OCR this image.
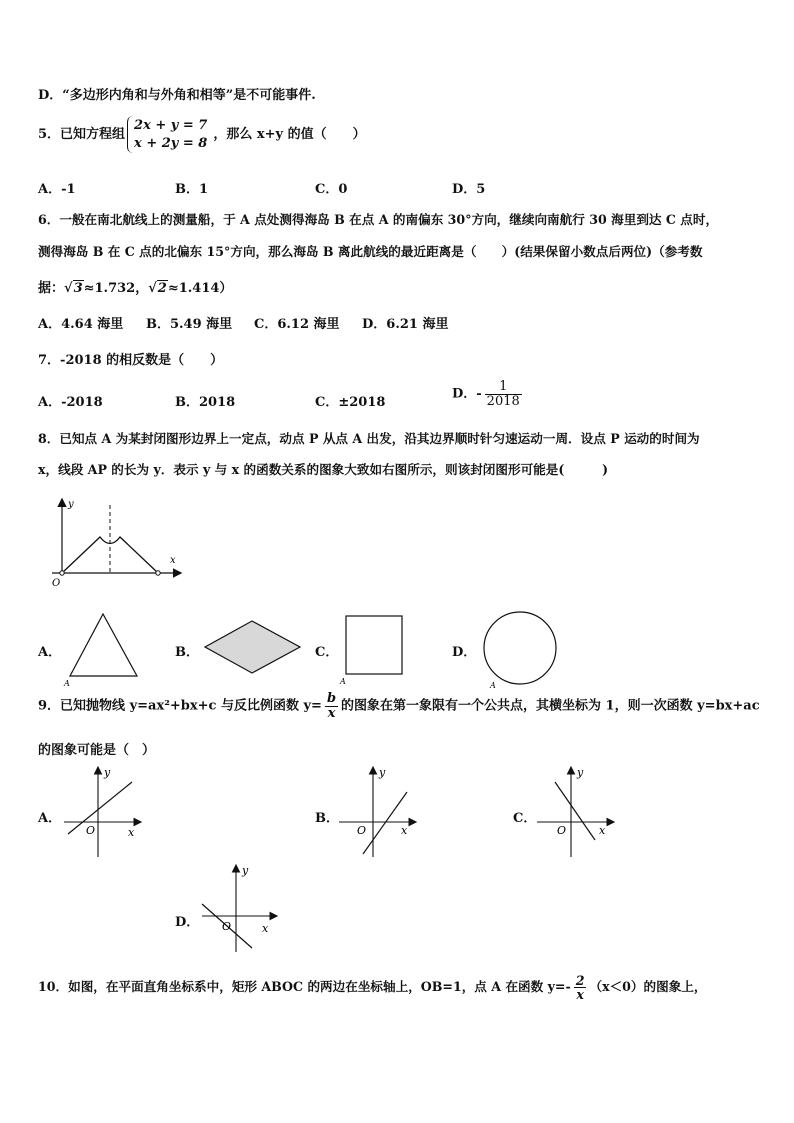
D．“多边形内角和与外角和相等”是不可能事件.
5．已知方程组
2x + y = 7
x + 2y = 8
，那么 x+y 的值（　　）
A．-1	B．1	C．0	D．5
6．一般在南北航线上的测量船，于 A 点处测得海岛 B 在点 A 的南偏东 30°方向，继续向南航行 30 海里到达 C 点时，
测得海岛 B 在 C 点的北偏东 15°方向，那么海岛 B 离此航线的最近距离是（　　）(结果保留小数点后两位)（参考数
据：√3≈1.732，√2≈1.414）
A．4.64 海里 B．5.49 海里 C．6.12 海里 D．6.21 海里
7．-2018 的相反数是（　　）
A．-2018	B．2018	C．±2018
D．- $\frac{1}{2018}$
8．已知点 A 为某封闭图形边界上一定点，动点 P 从点 A 出发，沿其边界顺时针匀速运动一周．设点 P 运动的时间为
x，线段 AP 的长为 y．表示 y 与 x 的函数关系的图象大致如右图所示，则该封闭图形可能是(　　　)
y
x
O
A．
A
B．	C．
A
D．
A
9．已知抛物线 y=ax²+bx+c 与反比例函数 $y= \frac{b}{x}$ 的图象在第一象限有一个公共点，其横坐标为 1，则一次函数 y=bx+ac
的图象可能是（　）
A．
y
x
O
B．
y
x
O
C．
y
x
O
D．
y
x
O
10．如图，在平面直角坐标系中，矩形 ABOC 的两边在坐标轴上，OB=1，点 A 在函数 $y=- \frac{2}{x} (x<0)$的图象上，
